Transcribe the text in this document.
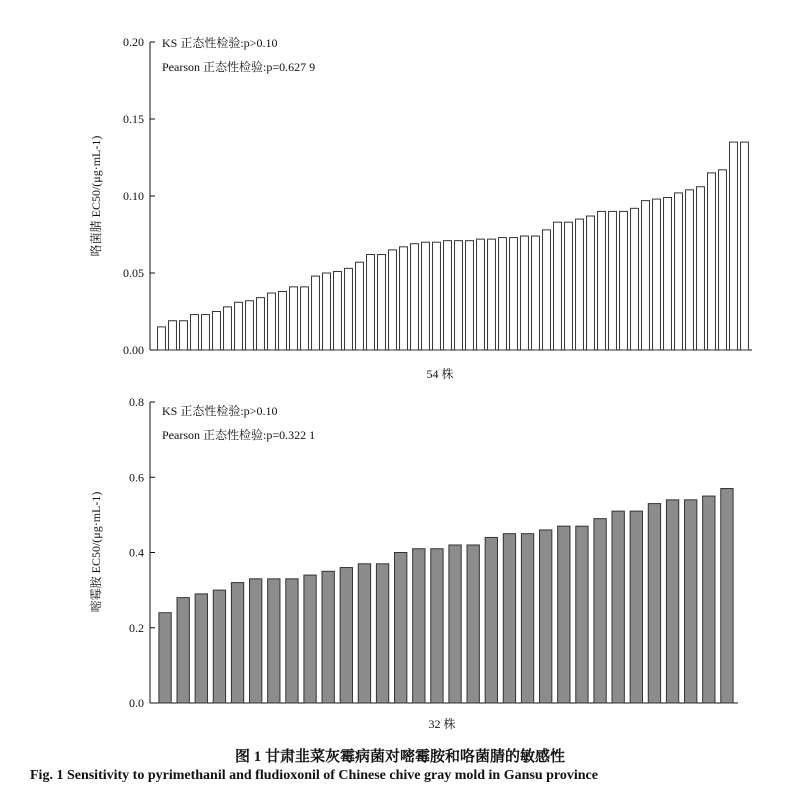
0.00
0.05
0.10
0.15
0.20 KS 正态性检验:p>0.10
Pearson 正态性检验:p=0.627 9
54 株
咯菌腈 EC50/(μg·mL-1)
0.0
0.2
0.4
0.6
0.8
KS 正态性检验:p>0.10
Pearson 正态性检验:p=0.322 1
32 株
嘧霉胺 EC50/(μg·mL-1)
图 1 甘肃韭菜灰霉病菌对嘧霉胺和咯菌腈的敏感性
Fig. 1 Sensitivity to pyrimethanil and fludioxonil of Chinese chive gray mold in Gansu province
